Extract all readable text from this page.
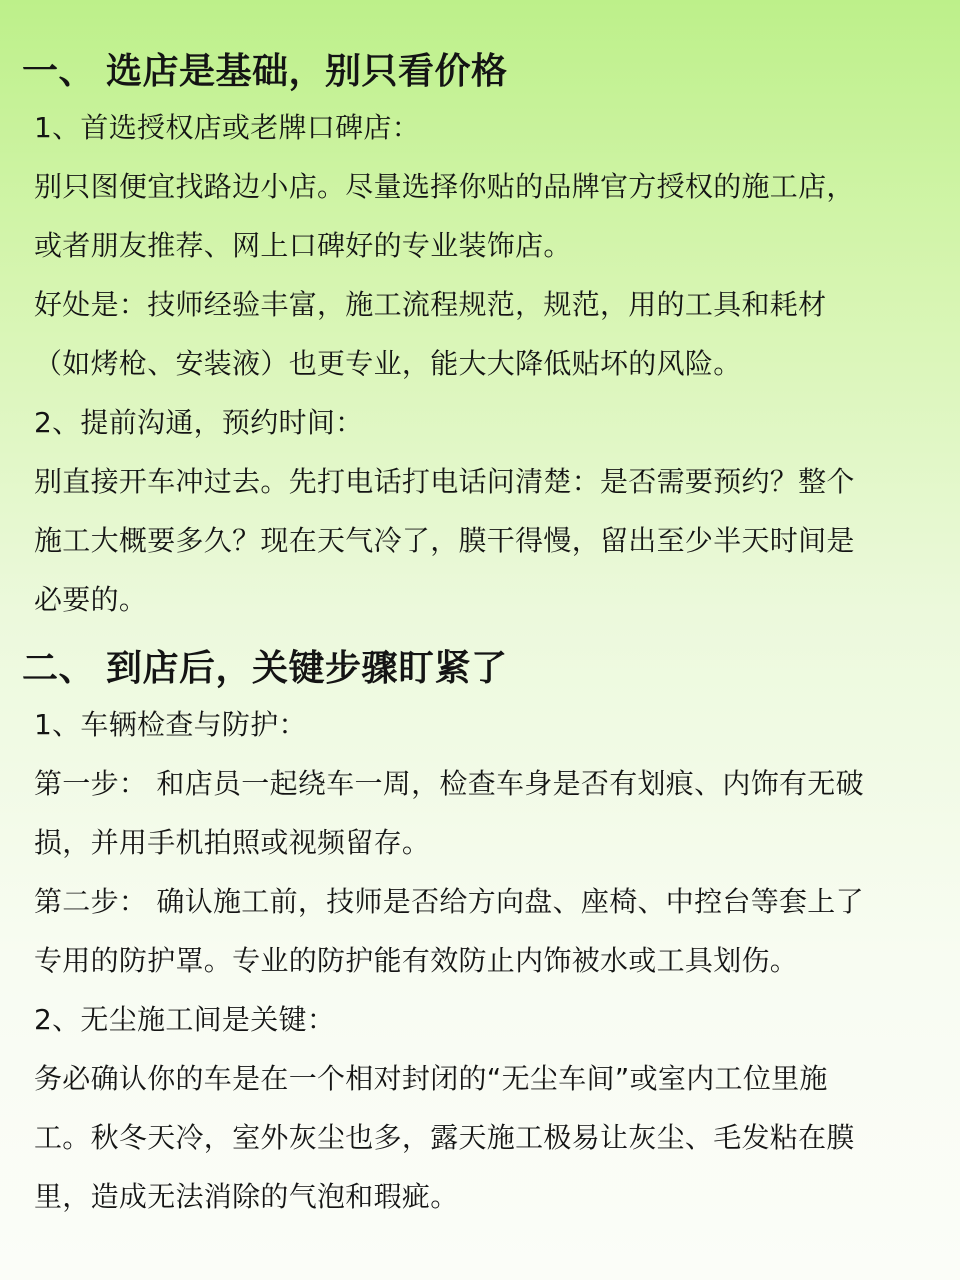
一、 选店是基础，别只看价格
1、首选授权店或老牌口碑店：
别只图便宜找路边小店。尽量选择你贴的品牌官方授权的施工店，
或者朋友推荐、网上口碑好的专业装饰店。
好处是：技师经验丰富，施工流程规范，规范，用的工具和耗材
（如烤枪、安装液）也更专业，能大大降低贴坏的风险。
2、提前沟通，预约时间：
别直接开车冲过去。先打电话打电话问清楚：是否需要预约？整个
施工大概要多久？现在天气冷了，膜干得慢，留出至少半天时间是
必要的。
二、 到店后，关键步骤盯紧了
1、车辆检查与防护：
第一步： 和店员一起绕车一周，检查车身是否有划痕、内饰有无破
损，并用手机拍照或视频留存。
第二步： 确认施工前，技师是否给方向盘、座椅、中控台等套上了
专用的防护罩。专业的防护能有效防止内饰被水或工具划伤。
2、无尘施工间是关键：
务必确认你的车是在一个相对封闭的“无尘车间”或室内工位里施
工。秋冬天冷，室外灰尘也多，露天施工极易让灰尘、毛发粘在膜
里，造成无法消除的气泡和瑕疵。
